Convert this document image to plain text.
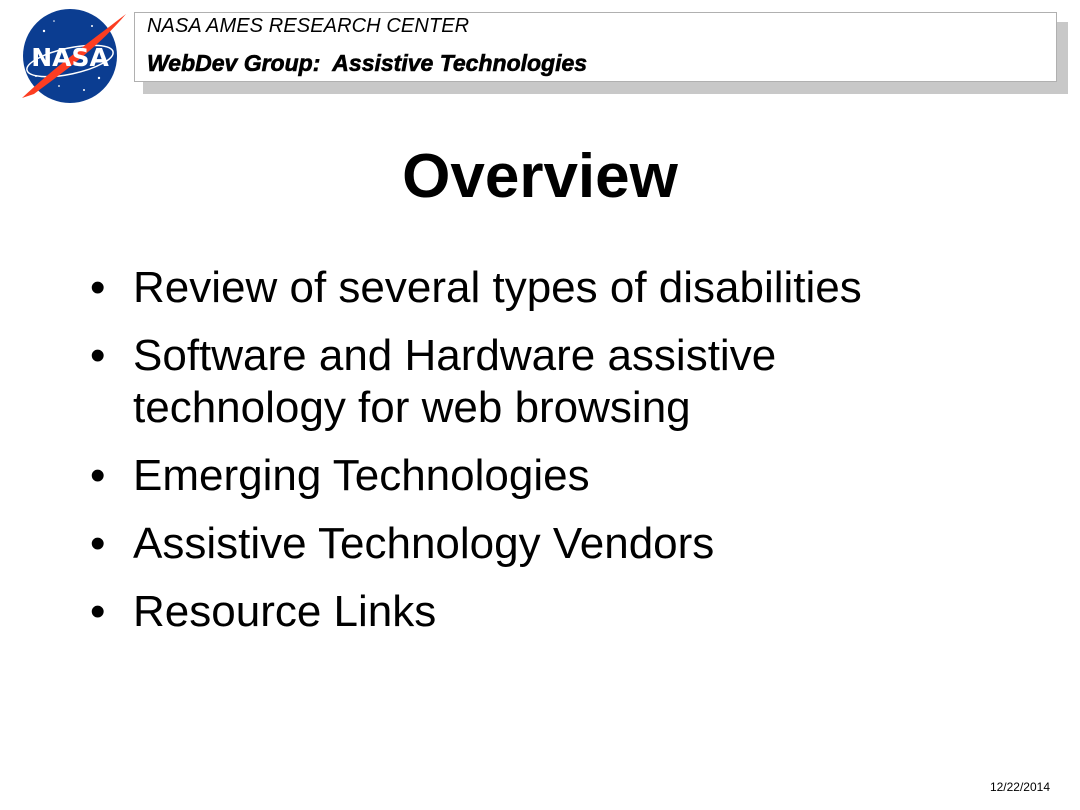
NASA
NASA AMES RESEARCH CENTER
WebDev Group:  Assistive Technologies
Overview
• Review of several types of disabilities
• Software and Hardware assistive technology for web browsing
• Emerging Technologies
• Assistive Technology Vendors
• Resource Links
12/22/2014
